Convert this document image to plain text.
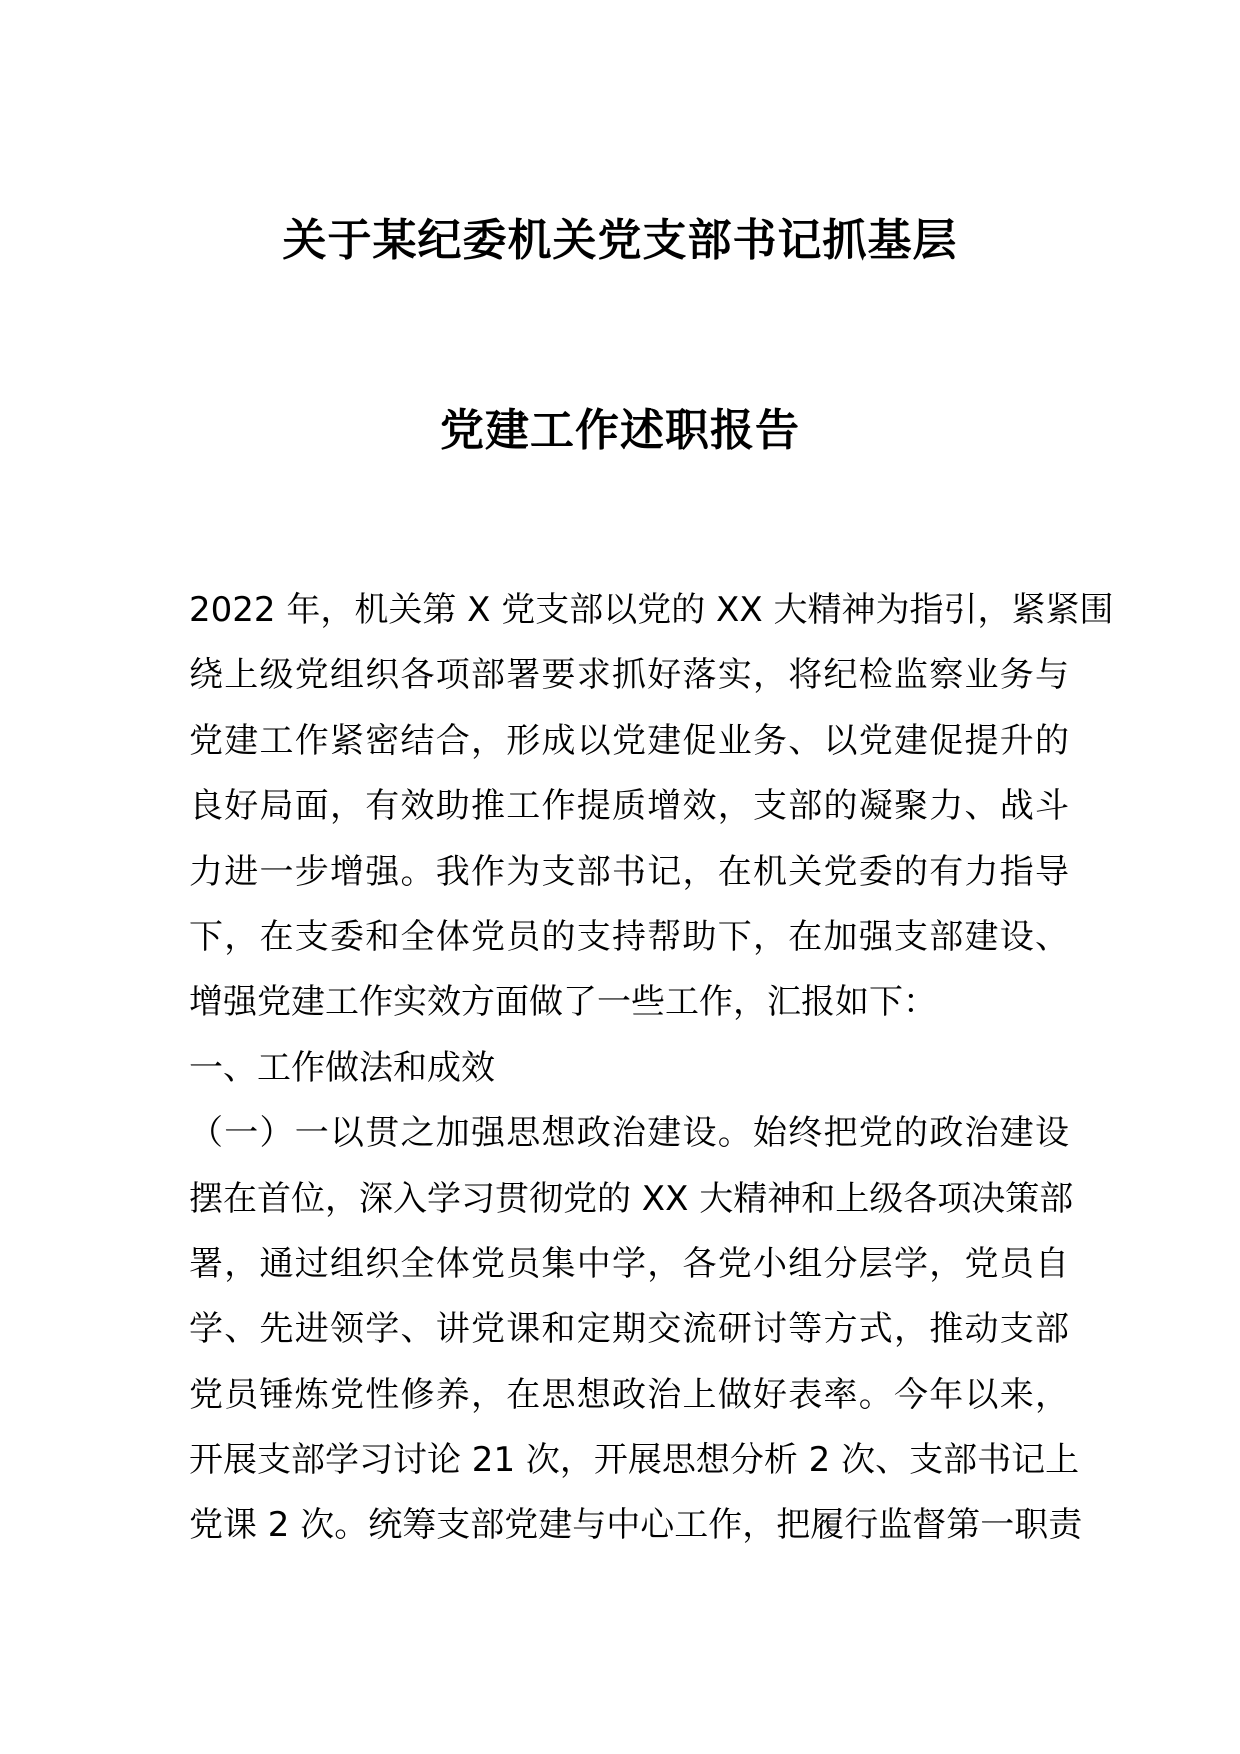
关于某纪委机关党支部书记抓基层
党建工作述职报告
2022 年，机关第 X 党支部以党的 XX 大精神为指引，紧紧围
绕上级党组织各项部署要求抓好落实，将纪检监察业务与
党建工作紧密结合，形成以党建促业务、以党建促提升的
良好局面，有效助推工作提质增效，支部的凝聚力、战斗
力进一步增强。我作为支部书记，在机关党委的有力指导
下，在支委和全体党员的支持帮助下，在加强支部建设、
增强党建工作实效方面做了一些工作，汇报如下：
一、工作做法和成效
（一）一以贯之加强思想政治建设。始终把党的政治建设
摆在首位，深入学习贯彻党的 XX 大精神和上级各项决策部
署，通过组织全体党员集中学，各党小组分层学，党员自
学、先进领学、讲党课和定期交流研讨等方式，推动支部
党员锤炼党性修养，在思想政治上做好表率。今年以来，
开展支部学习讨论 21 次，开展思想分析 2 次、支部书记上
党课 2 次。统筹支部党建与中心工作，把履行监督第一职责
